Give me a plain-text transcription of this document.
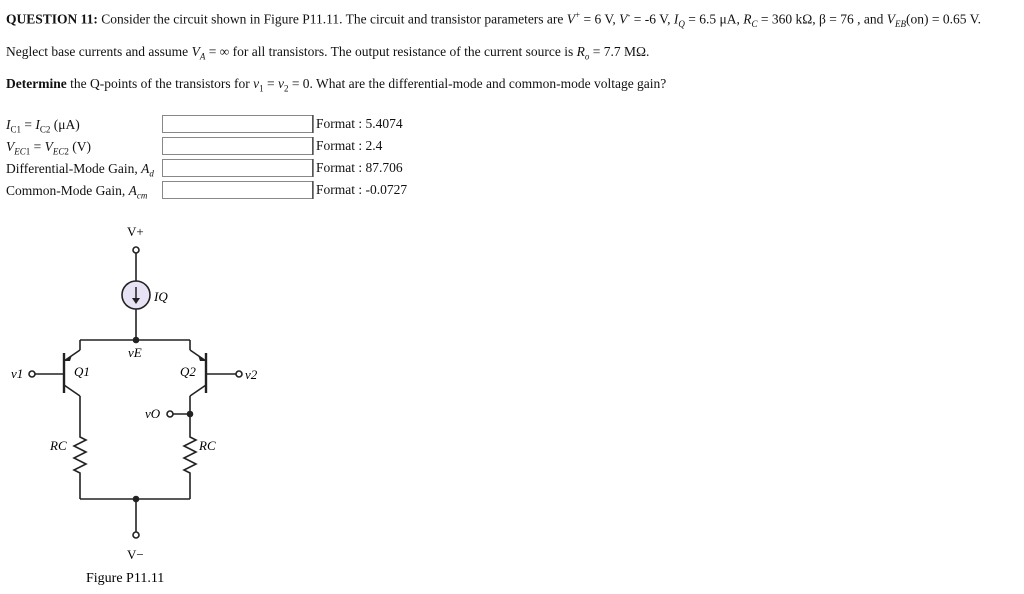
QUESTION 11: Consider the circuit shown in Figure P11.11. The circuit and transistor parameters are V+ = 6 V, V- = -6 V, $I_Q = 6.5$ μA, $R_C = 360$ kΩ, β = 76 , and $V_{EB}(on) = 0.65$ V.
Neglect base currents and assume $V_A$ = ∞ for all transistors. The output resistance of the current source is $R_o = 7.7$ MΩ.
Determine the Q-points of the transistors for $v_1 = v_2 = 0$. What are the differential-mode and common-mode voltage gain?
$I_{C1} = I_{C2}$ (μA)	Format : 5.4074
$V_{EC1} = V_{EC2}$ (V)	Format : 2.4
Differential-Mode Gain, $A_d$	Format : 87.706
Common-Mode Gain, $A_{cm}$	Format : -0.0727
V+
IQ
vE
Q1	Q2
v1	v2
vO
RC	RC
V−
Figure P11.11
